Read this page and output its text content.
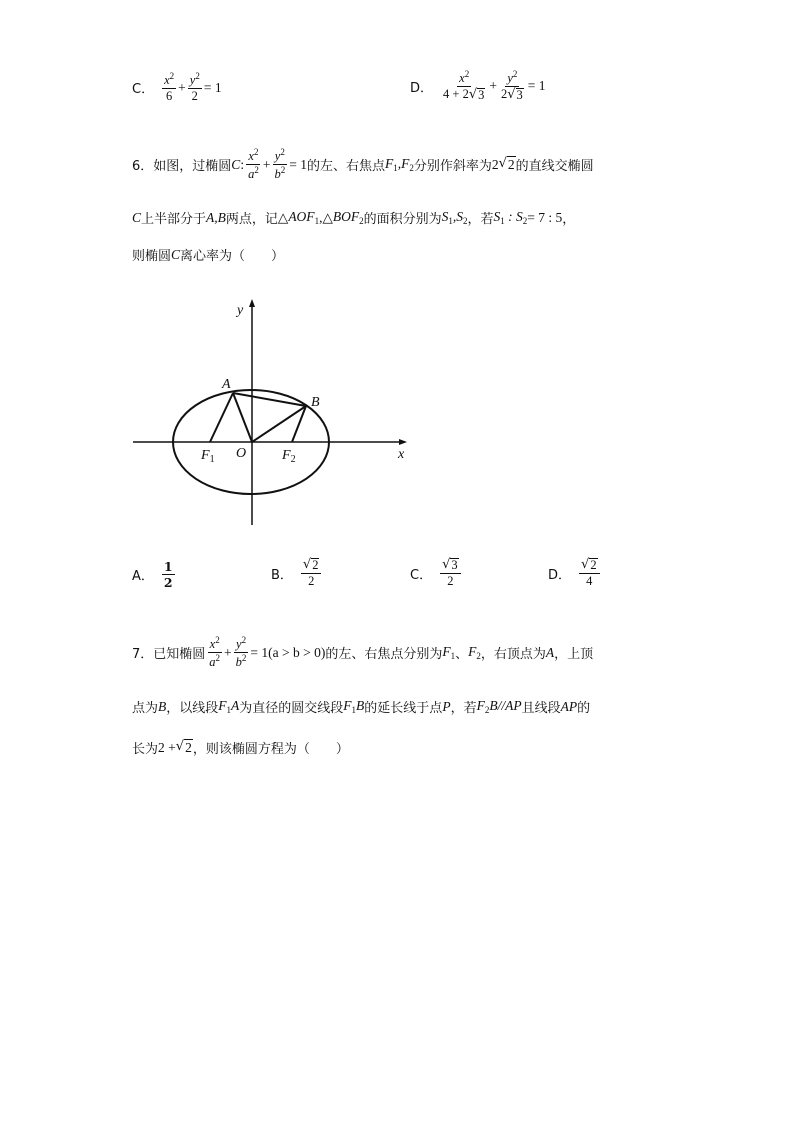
C． $\frac{x^2}{6} + \frac{y^2}{2} = 1$	D． $\frac{x^2}{4 + 2 √ 3} + \frac{y^2}{2 √ 3} = 1$
6． 如图，过椭圆 C : $\frac{x^2}{a^2} + \frac{y^2}{b^2} = 1$ 的左、右焦点 $F_1,F_2$ 分别作斜率为 2 √ 2 的直线交椭圆
C 上半部分于 A,B 两点，记 △ $AOF_1$ ,△ $BOF_2$ 的面积分别为 $S_1,S_2$ ，若 $S_1$ : $S_2 = 7$ : 5 ，
则椭圆 C 离心率为（　　）
y
x
A
B
O
$F_1$	$F_2$
A． $\frac{1}{2}$	B． $\frac{√ 2}{2}$	C． $\frac{√ 3}{2}$	D． $\frac{√ 2}{4}$
7． 已知椭圆 $\frac{x^2}{a^2} + \frac{y^2}{b^2} = 1(a > b > 0)$ 的左、右焦点分别为 $F_1$ 、 $F_2$ ，右顶点为 A ，上顶
点为 B ，以线段 $F_1A$ 为直径的圆交线段 $F_1B$ 的延长线于点 P ，若 $F_2B//AP$ 且线段 AP 的
长为 2 + √ 2 ，则该椭圆方程为（　　）
